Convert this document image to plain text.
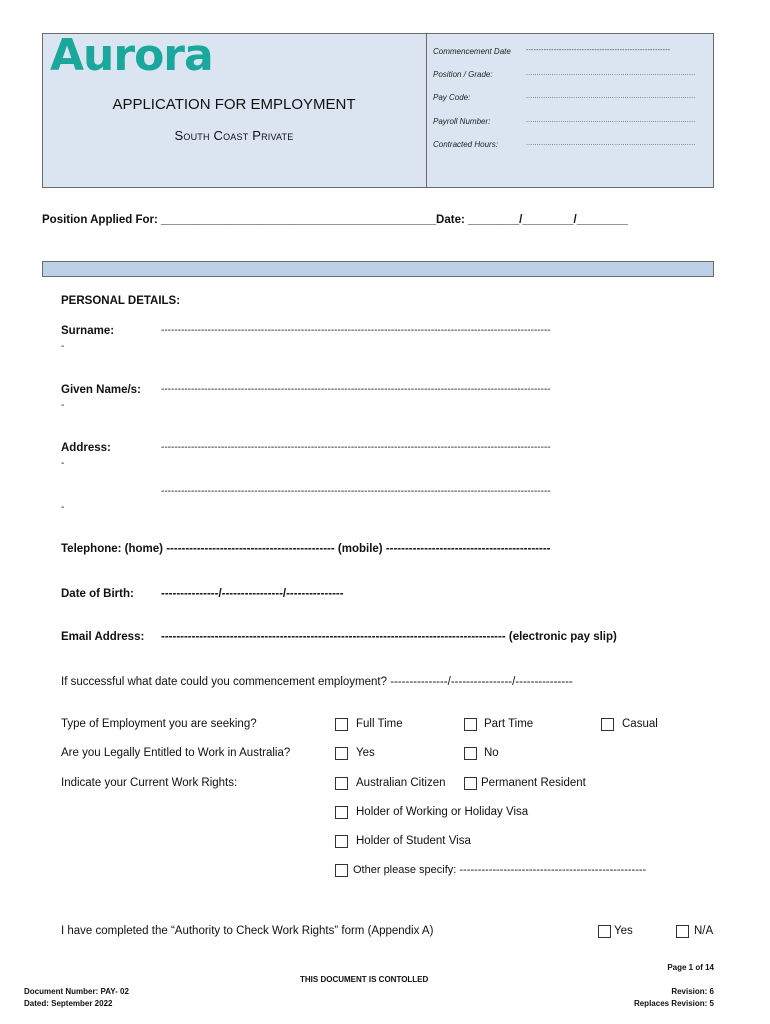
Aurora
APPLICATION FOR EMPLOYMENT
South Coast Private
Commencement Date ---------------------------------------------------------
Position / Grade:	...............................................................................
Pay Code:	...............................................................................
Payroll Number:	...............................................................................
Contracted Hours:	...............................................................................
Position Applied For: ___________________________________________Date: ________/________/________
PERSONAL DETAILS:
Surname:	---------------------------------------------------------------------------------------------------------------------
-
Given Name/s: ---------------------------------------------------------------------------------------------------------------------
-
Address:	---------------------------------------------------------------------------------------------------------------------
-
---------------------------------------------------------------------------------------------------------------------
-
Telephone: (home) -------------------------------------------- (mobile) -------------------------------------------
Date of Birth: ---------------/----------------/---------------
Email Address: ------------------------------------------------------------------------------------------ (electronic pay slip)
If successful what date could you commencement employment? ---------------/----------------/---------------
Type of Employment you are seeking?	Full Time	Part Time	Casual
Are you Legally Entitled to Work in Australia?	Yes	No
Indicate your Current Work Rights:	Australian Citizen	Permanent Resident
Holder of Working or Holiday Visa
Holder of Student Visa
Other please specify: ---------------------------------------------------
I have completed the “Authority to Check Work Rights” form (Appendix A)	Yes	N/A
Page 1 of 14
THIS DOCUMENT IS CONTOLLED
Document Number: PAY- 02
Dated: September 2022
Revision: 6
Replaces Revision: 5
